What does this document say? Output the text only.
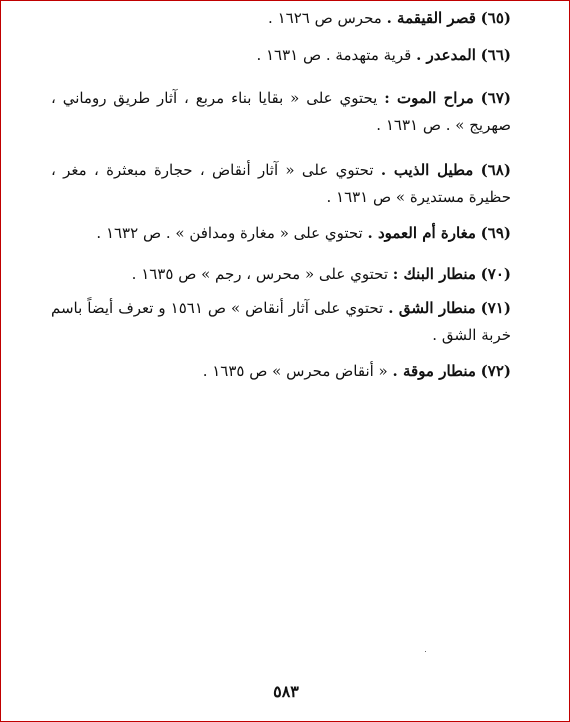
(٦٥) قصر القيقمة . محرس ص ١٦٢٦ .

(٦٦) المدعدر . قرية متهدمة . ص ١٦٣١ .

(٦٧) مراح الموت : يحتوي على « بقايا بناء مربع ، آثار طريق روماني ، صهريج » . ص ١٦٣١ .

(٦٨) مطيل الذيب . تحتوي على « آثار أنقاض ، حجارة مبعثرة ، مغر ، حظيرة مستديرة » ص ١٦٣١ .

(٦٩) مغارة أم العمود . تحتوي على « مغارة ومدافن » . ص ١٦٣٢ .

(٧٠) منطار البنك : تحتوي على « محرس ، رجم » ص ١٦٣٥ .

(٧١) منطار الشق . تحتوي على آثار أنقاض » ص ١٥٦١ و تعرف أيضاً باسم خربة الشق .

(٧٢) منطار موقة . « أنقاض محرس » ص ١٦٣٥ .

٥٨٣
